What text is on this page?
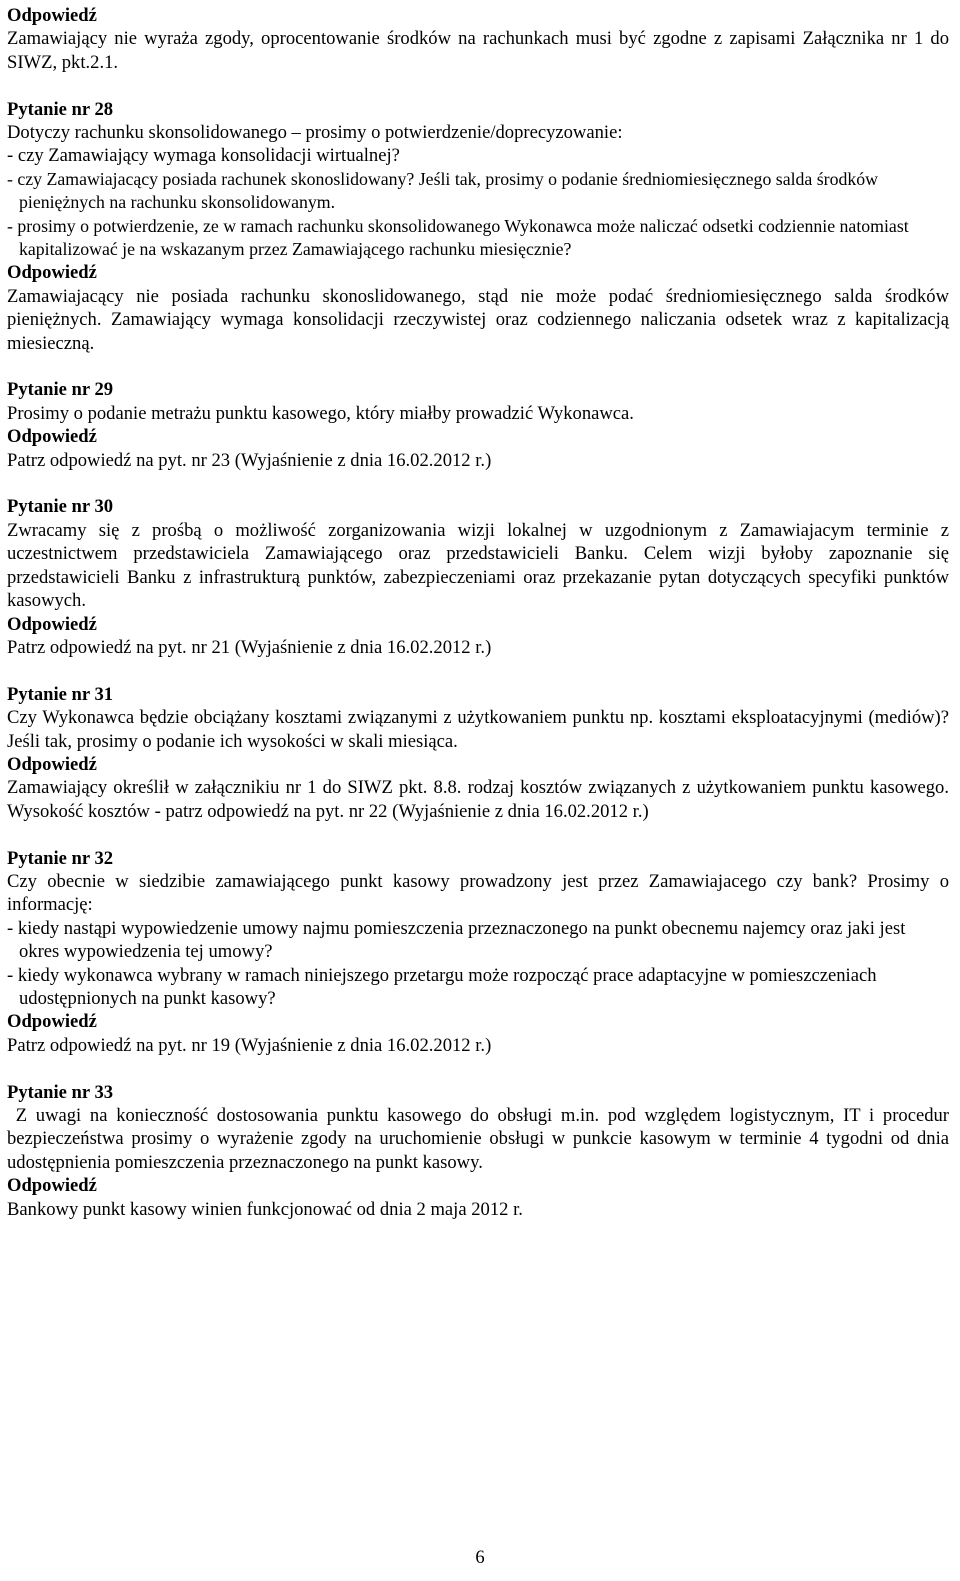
Odpowiedź
Zamawiający nie wyraża zgody, oprocentowanie środków na rachunkach musi być zgodne z zapisami Załącznika nr 1 do SIWZ, pkt.2.1.
Pytanie nr 28
Dotyczy rachunku skonsolidowanego – prosimy o potwierdzenie/doprecyzowanie:
- czy Zamawiający wymaga konsolidacji wirtualnej?
- czy Zamawiajacący posiada rachunek skonoslidowany? Jeśli tak, prosimy o podanie średniomiesięcznego salda środków pieniężnych na rachunku skonsolidowanym.
- prosimy o potwierdzenie, ze w ramach rachunku skonsolidowanego Wykonawca może naliczać odsetki codziennie natomiast kapitalizować je na wskazanym przez Zamawiającego rachunku miesięcznie?
Odpowiedź
Zamawiajacący nie posiada rachunku skonoslidowanego, stąd nie może podać średniomiesięcznego salda środków pieniężnych. Zamawiający wymaga konsolidacji rzeczywistej oraz codziennego naliczania odsetek wraz z kapitalizacją miesieczną.
Pytanie nr 29
Prosimy o podanie metrażu punktu kasowego, który miałby prowadzić Wykonawca.
Odpowiedź
Patrz odpowiedź na pyt. nr 23 (Wyjaśnienie z dnia 16.02.2012 r.)
Pytanie nr 30
Zwracamy się z prośbą o możliwość zorganizowania wizji lokalnej w uzgodnionym z Zamawiajacym terminie z uczestnictwem przedstawiciela Zamawiającego oraz przedstawicieli Banku. Celem wizji byłoby zapoznanie się przedstawicieli Banku z infrastrukturą punktów, zabezpieczeniami oraz przekazanie pytan dotyczących specyfiki punktów kasowych.
Odpowiedź
Patrz odpowiedź na pyt. nr 21 (Wyjaśnienie z dnia 16.02.2012 r.)
Pytanie nr 31
Czy Wykonawca będzie obciążany kosztami związanymi z użytkowaniem punktu np. kosztami eksploatacyjnymi (mediów)? Jeśli tak, prosimy o podanie ich wysokości w skali miesiąca.
Odpowiedź
Zamawiający określił w załącznikiu nr 1 do SIWZ pkt. 8.8. rodzaj kosztów związanych z użytkowaniem punktu kasowego. Wysokość kosztów - patrz odpowiedź na pyt. nr 22 (Wyjaśnienie z dnia 16.02.2012 r.)
Pytanie nr 32
Czy obecnie w siedzibie zamawiającego punkt kasowy prowadzony jest przez Zamawiajacego czy bank? Prosimy o informację:
- kiedy nastąpi wypowiedzenie umowy najmu pomieszczenia przeznaczonego na punkt obecnemu najemcy oraz jaki jest okres wypowiedzenia tej umowy?
- kiedy wykonawca wybrany w ramach niniejszego przetargu może rozpocząć prace adaptacyjne w pomieszczeniach udostępnionych na punkt kasowy?
Odpowiedź
Patrz odpowiedź na pyt. nr 19 (Wyjaśnienie z dnia 16.02.2012 r.)
Pytanie nr 33
Z uwagi na konieczność dostosowania punktu kasowego do obsługi m.in. pod względem logistycznym, IT i procedur bezpieczeństwa prosimy o wyrażenie zgody na uruchomienie obsługi w punkcie kasowym w terminie 4 tygodni od dnia udostępnienia pomieszczenia przeznaczonego na punkt kasowy.
Odpowiedź
Bankowy punkt kasowy winien funkcjonować od dnia 2 maja 2012 r.
6
